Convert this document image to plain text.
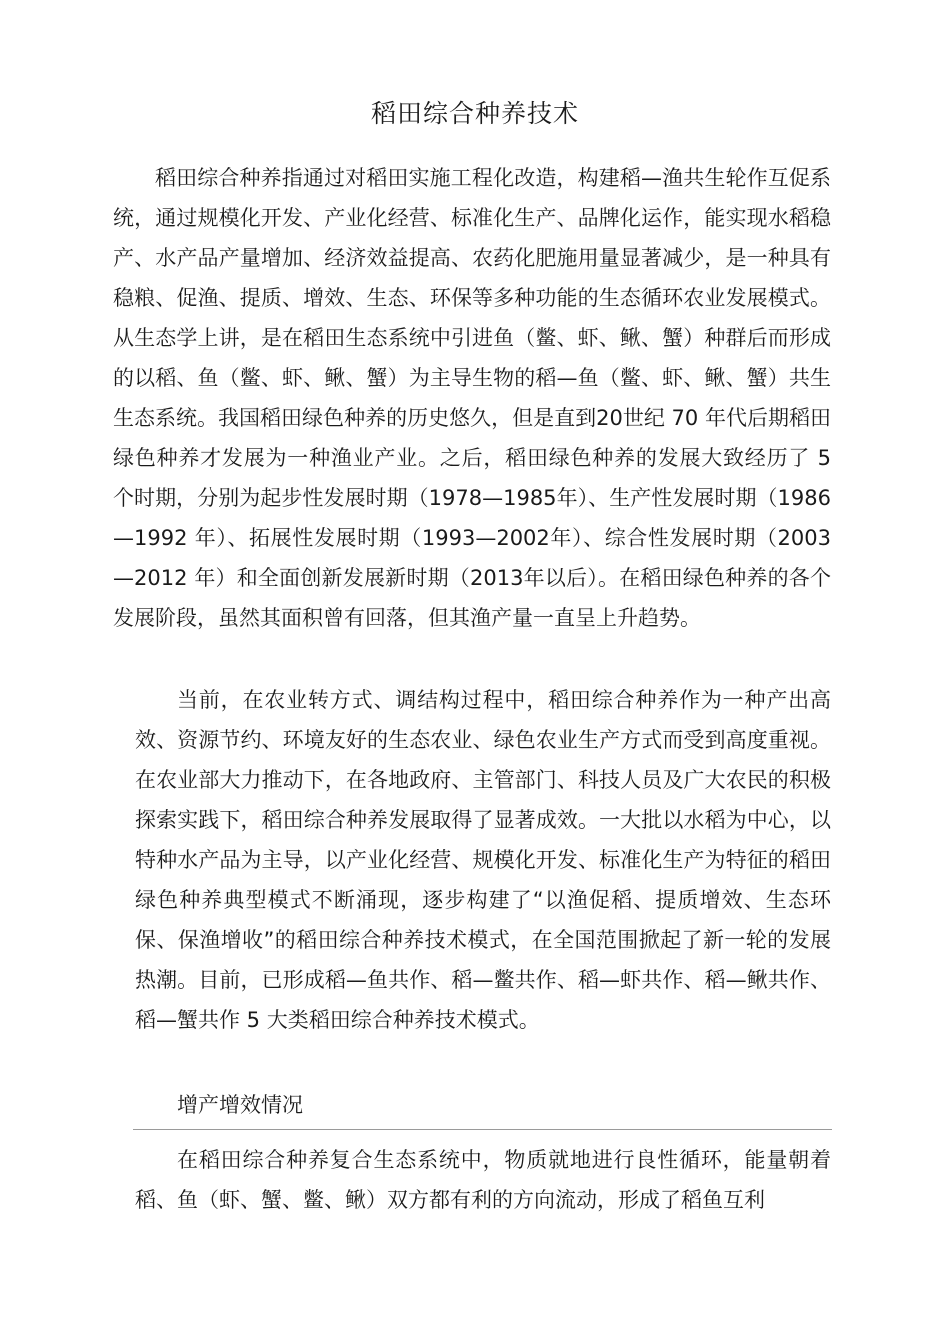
稻田综合种养技术

稻田综合种养指通过对稻田实施工程化改造，构建稻—渔共生轮作互促系统，通过规模化开发、产业化经营、标准化生产、品牌化运作，能实现水稻稳产、水产品产量增加、经济效益提高、农药化肥施用量显著减少，是一种具有稳粮、促渔、提质、增效、生态、环保等多种功能的生态循环农业发展模式。从生态学上讲，是在稻田生态系统中引进鱼（鳖、虾、鳅、蟹）种群后而形成的以稻、鱼（鳖、虾、鳅、蟹）为主导生物的稻—鱼（鳖、虾、鳅、蟹）共生生态系统。我国稻田绿色种养的历史悠久，但是直到20世纪 70 年代后期稻田绿色种养才发展为一种渔业产业。之后，稻田绿色种养的发展大致经历了 5 个时期，分别为起步性发展时期（1978—1985年）、生产性发展时期（1986—1992 年）、拓展性发展时期（1993—2002年）、综合性发展时期（2003—2012 年）和全面创新发展新时期（2013年以后）。在稻田绿色种养的各个发展阶段，虽然其面积曾有回落，但其渔产量一直呈上升趋势。

当前，在农业转方式、调结构过程中，稻田综合种养作为一种产出高效、资源节约、环境友好的生态农业、绿色农业生产方式而受到高度重视。在农业部大力推动下，在各地政府、主管部门、科技人员及广大农民的积极探索实践下，稻田综合种养发展取得了显著成效。一大批以水稻为中心，以特种水产品为主导，以产业化经营、规模化开发、标准化生产为特征的稻田绿色种养典型模式不断涌现，逐步构建了“以渔促稻、提质增效、生态环保、保渔增收”的稻田综合种养技术模式，在全国范围掀起了新一轮的发展热潮。目前，已形成稻—鱼共作、稻—鳖共作、稻—虾共作、稻—鳅共作、稻—蟹共作 5 大类稻田综合种养技术模式。

增产增效情况

在稻田综合种养复合生态系统中，物质就地进行良性循环，能量朝着稻、鱼（虾、蟹、鳖、鳅）双方都有利的方向流动，形成了稻鱼互利
